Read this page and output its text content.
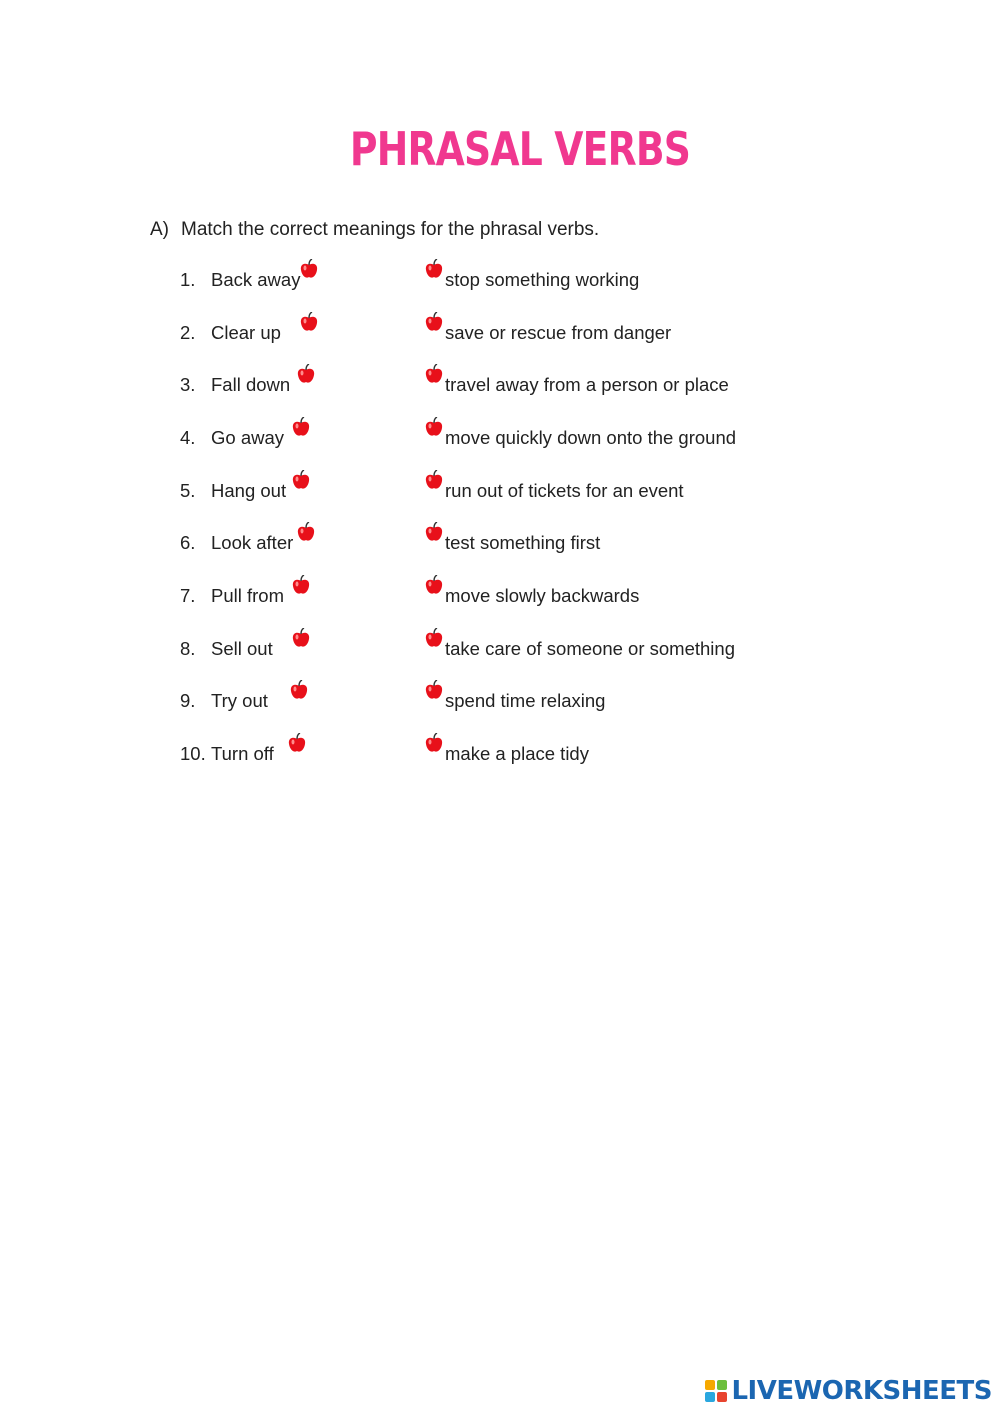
PHRASAL VERBS
A) Match the correct meanings for the phrasal verbs.
1. Back away	stop something working
2. Clear up	save or rescue from danger
3. Fall down	travel away from a person or place
4. Go away	move quickly down onto the ground
5. Hang out	run out of tickets for an event
6. Look after	test something first
7. Pull from	move slowly backwards
8. Sell out	take care of someone or something
9. Try out	spend time relaxing
10. Turn off	make a place tidy
LIVEWORKSHEETS
